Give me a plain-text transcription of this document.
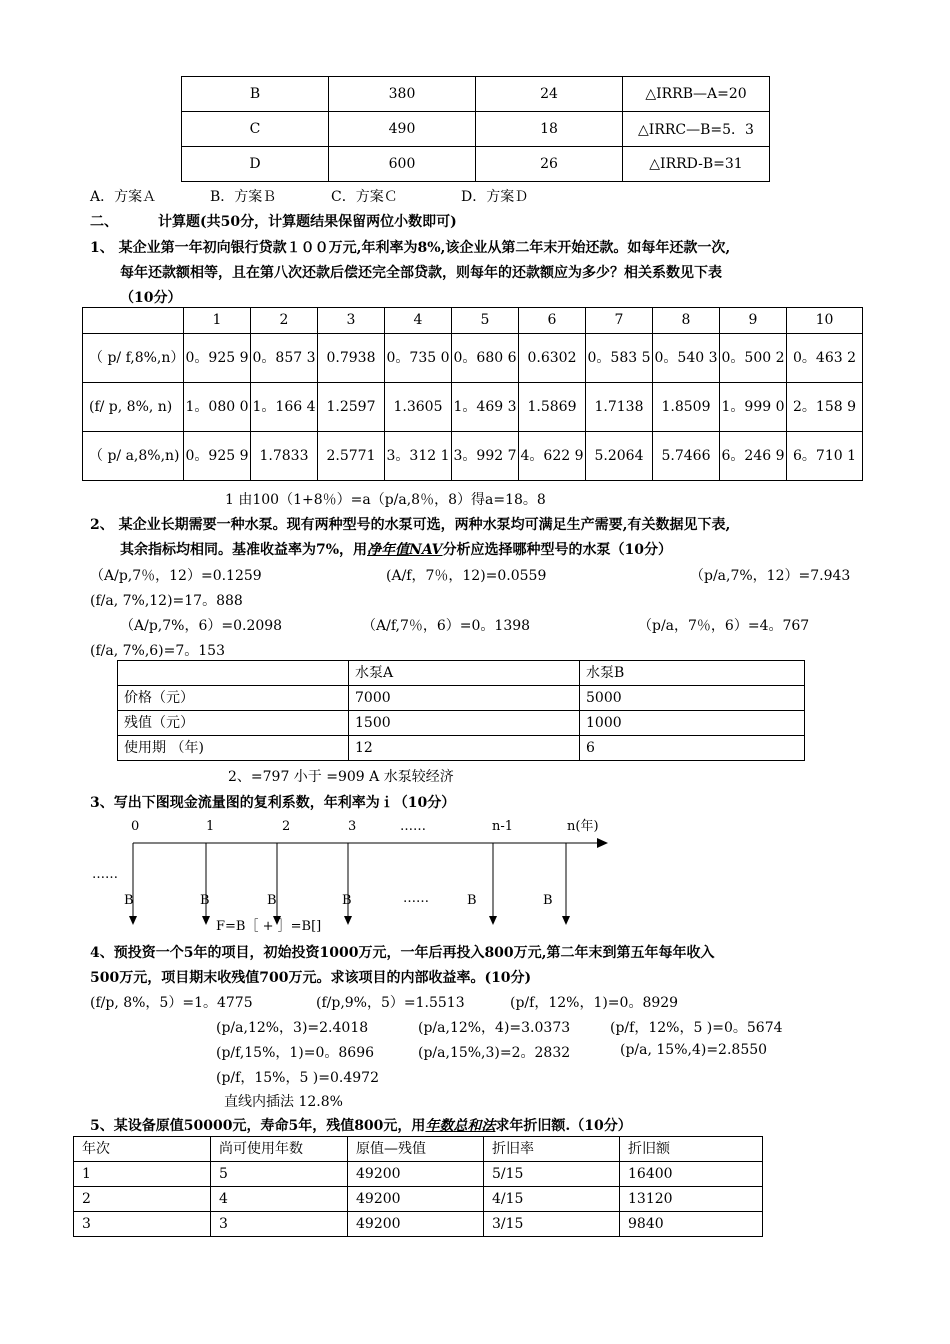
B	380	24	△IRRB—A=20
C	490	18	△IRRC—B=5．3
D	600	26	△IRRD-B=31
A．方案Ａ	B．方案Ｂ	C．方案Ｃ	D．方案Ｄ
二、	计算题(共50分，计算题结果保留两位小数即可)
1、 某企业第一年初向银行贷款１００万元,年利率为8%,该企业从第二年末开始还款。如每年还款一次,
每年还款额相等，且在第八次还款后偿还完全部贷款，则每年的还款额应为多少？相关系数见下表
（10分）
	1	2	3	4	5	6	7	8	9	10
（ p/ f,8%,n）	0。925 9	0。857 3	0.7938	0。735 0	0。680 6	0.6302	0。583 5	0。540 3	0。500 2	0。463 2
(f/ p, 8%, n)	1。080 0	1。166 4	1.2597	1.3605	1。469 3	1.5869	1.7138	1.8509	1。999 0	2。158 9
（ p/ a,8%,n)	0。925 9	1.7833	2.5771	3。312 1	3。992 7	4。622 9	5.2064	5.7466	6。246 9	6。710 1
1 由100（1+8％）=a（p/a,8％，8）得a=18。8
2、 某企业长期需要一种水泵。现有两种型号的水泵可选，两种水泵均可满足生产需要,有关数据见下表,
其余指标均相同。基准收益率为7%，用净年值NAV分析应选择哪种型号的水泵（10分）
（A/p,7％，12）=0.1259	(A/f，7％，12)=0.0559	（p/a,7%，12）=7.943
(f/a, 7%,12)=17。888
（A/p,7%，6）=0.2098	（A/f,7％，6）=0。1398	（p/a，7％，6）=4。767
(f/a, 7%,6)=7。153
	水泵A	水泵B
价格（元）	7000	5000
残值（元）	1500	1000
使用期 （年)	12	6
2、=797 小于 =909 A 水泵较经济
3、写出下图现金流量图的复利系数，年利率为ｉ（10分）
0	1	2	3	……	n-1	n(年)
……
……
B	B	B	B	B	B
F=B［ + ］=B[]
4、预投资一个5年的项目，初始投资1000万元，一年后再投入800万元,第二年末到第五年每年收入
500万元，项目期末收残值700万元。求该项目的内部收益率。(10分)
(f/p, 8%，5）=1。4775	(f/p,9%，5）=1.5513	(p/f，12%，1)=0。8929
(p/a,12%，3)=2.4018	(p/a,12%，4)=3.0373	(p/f，12%，5 )=0。5674
(p/f,15%，1)=0。8696	(p/a,15%,3)=2。2832	(p/a, 15%,4)=2.8550
(p/f，15%，5 )=0.4972
直线内插法 12.8%
5、某设备原值50000元，寿命5年，残值800元，用年数总和法求年折旧额.（10分）
年次	尚可使用年数	原值—残值	折旧率	折旧额
1	5	49200	5/15	16400
2	4	49200	4/15	13120
3	3	49200	3/15	9840
